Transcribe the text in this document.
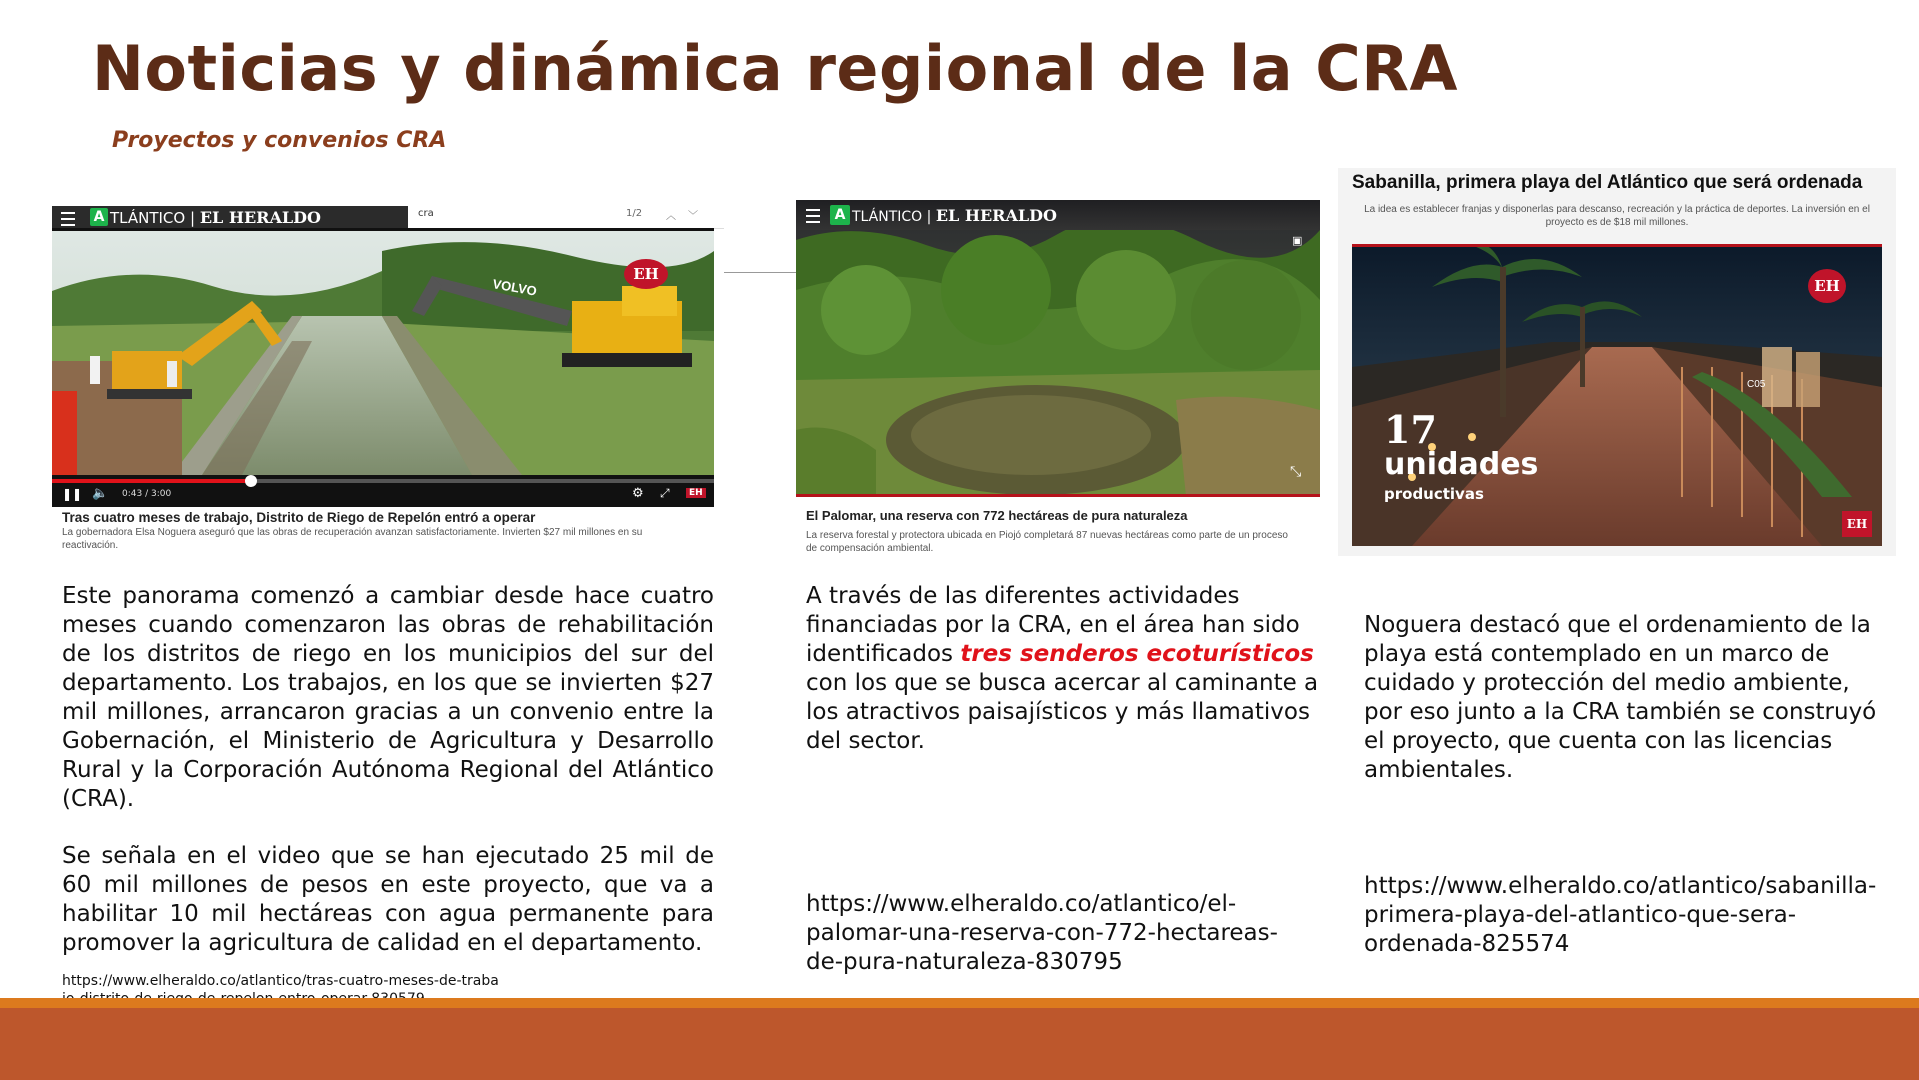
Noticias y dinámica regional de la CRA
Proyectos y convenios CRA
A TLÁNTICO | EL HERALDO	cra	1/2 ︿ ﹀
VOLVO
EH
❚❚ 🔈 0:43 / 3:00	⚙ ⤢	EH
Tras cuatro meses de trabajo, Distrito de Riego de Repelón entró a operar
La gobernadora Elsa Noguera aseguró que las obras de recuperación avanzan satisfactoriamente. Invierten $27 mil millones en su reactivación.
A TLÁNTICO | EL HERALDO
▣
⤡
El Palomar, una reserva con 772 hectáreas de pura naturaleza
La reserva forestal y protectora ubicada en Piojó completará 87 nuevas hectáreas como parte de un proceso de compensación ambiental.
Sabanilla, primera playa del Atlántico que será ordenada
La idea es establecer franjas y disponerlas para descanso, recreación y la práctica de deportes. La inversión en el proyecto es de $18 mil millones.
C05
EH
17
unidades
productivas
EH
Este panorama comenzó a cambiar desde hace cuatro meses cuando comenzaron las obras de rehabilitación de los distritos de riego en los municipios del sur del departamento. Los trabajos, en los que se invierten $27 mil millones, arrancaron gracias a un convenio entre la Gobernación, el Ministerio de Agricultura y Desarrollo Rural y la Corporación Autónoma Regional del Atlántico (CRA).
Se señala en el video que se han ejecutado 25 mil de 60 mil millones de pesos en este proyecto, que va a habilitar 10 mil hectáreas con agua permanente para promover la agricultura de calidad en el departamento.
https://www.elheraldo.co/atlantico/tras-cuatro-meses-de-traba
A través de las diferentes actividades financiadas por la CRA, en el área han sido identificados tres senderos ecoturísticos con los que se busca acercar al caminante a los atractivos paisajísticos y más llamativos del sector.
https://www.elheraldo.co/atlantico/el-palomar-una-reserva-con-772-hectareas-de-pura-naturaleza-830795
Noguera destacó que el ordenamiento de la playa está contemplado en un marco de cuidado y protección del medio ambiente, por eso junto a la CRA también se construyó el proyecto, que cuenta con las licencias ambientales.
https://www.elheraldo.co/atlantico/sabanilla-primera-playa-del-atlantico-que-sera-ordenada-825574
